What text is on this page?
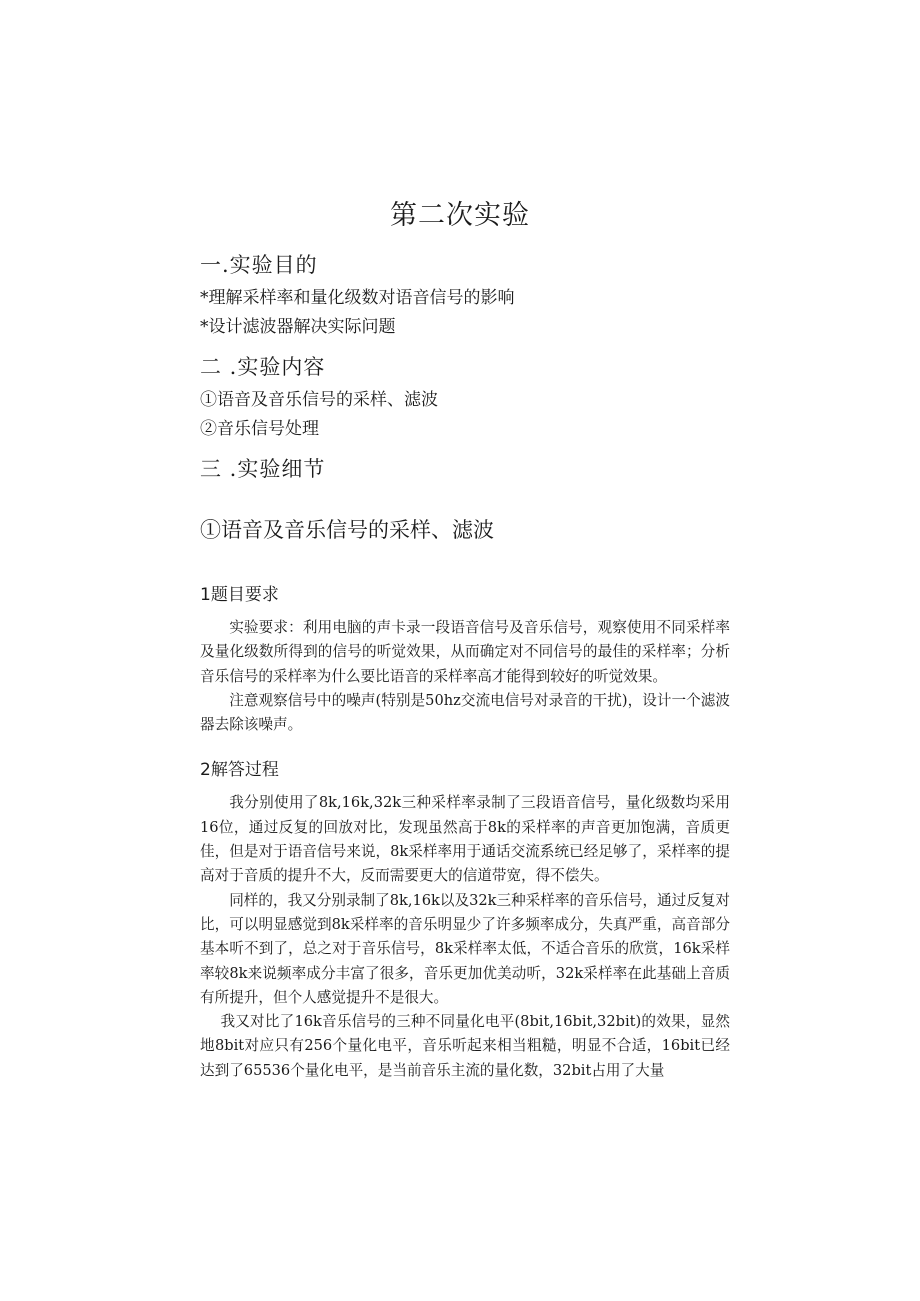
第二次实验
一.实验目的

*理解采样率和量化级数对语音信号的影响

*设计滤波器解决实际问题

二 .实验内容

①语音及音乐信号的采样、滤波

②音乐信号处理

三 .实验细节
①语音及音乐信号的采样、滤波
1题目要求

实验要求：利用电脑的声卡录一段语音信号及音乐信号，观察使用不同采样率及量化级数所得到的信号的听觉效果，从而确定对不同信号的最佳的采样率；分析音乐信号的采样率为什么要比语音的采样率高才能得到较好的听觉效果。

注意观察信号中的噪声(特别是50hz交流电信号对录音的干扰)，设计一个滤波器去除该噪声。

2解答过程

我分别使用了8k,16k,32k三种采样率录制了三段语音信号，量化级数均采用16位，通过反复的回放对比，发现虽然高于8k的采样率的声音更加饱满，音质更佳，但是对于语音信号来说，8k采样率用于通话交流系统已经足够了，采样率的提高对于音质的提升不大，反而需要更大的信道带宽，得不偿失。

同样的，我又分别录制了8k,16k以及32k三种采样率的音乐信号，通过反复对比，可以明显感觉到8k采样率的音乐明显少了许多频率成分，失真严重，高音部分基本听不到了，总之对于音乐信号，8k采样率太低，不适合音乐的欣赏，16k采样率较8k来说频率成分丰富了很多，音乐更加优美动听，32k采样率在此基础上音质有所提升，但个人感觉提升不是很大。

我又对比了16k音乐信号的三种不同量化电平(8bit,16bit,32bit)的效果，显然地8bit对应只有256个量化电平，音乐听起来相当粗糙，明显不合适，16bit已经达到了65536个量化电平，是当前音乐主流的量化数，32bit占用了大量
